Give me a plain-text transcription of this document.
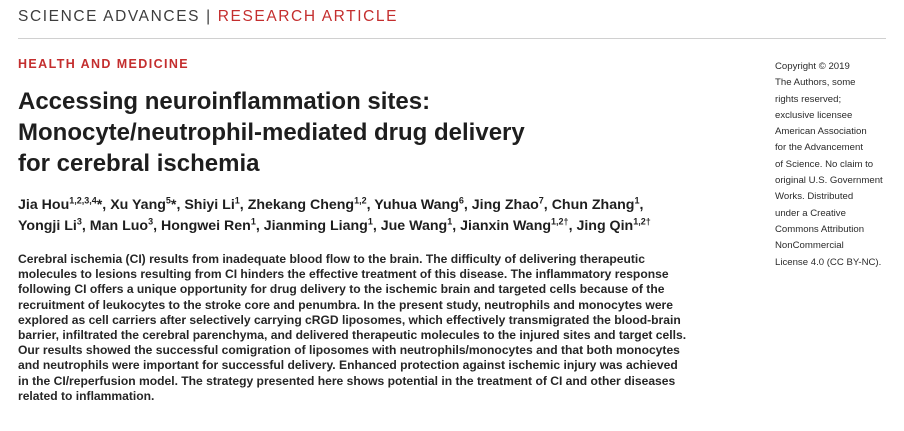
SCIENCE ADVANCES | RESEARCH ARTICLE
HEALTH AND MEDICINE
Accessing neuroinflammation sites:
Monocyte/neutrophil-mediated drug delivery
for cerebral ischemia
Jia Hou$^{1,2,3,4}$*, Xu Yang$^5$*, Shiyi Li$^1$, Zhekang Cheng$^{1,2}$, Yuhua Wang$^6$, Jing Zhao$^7$, Chun Zhang$^1$,
Yongji Li$^3$, Man Luo$^3$, Hongwei Ren$^1$, Jianming Liang$^1$, Jue Wang$^1$, Jianxin Wang$^{1,2\dagger}$, Jing Qin$^{1,2\dagger}$

Cerebral ischemia (CI) results from inadequate blood flow to the brain. The difficulty of delivering therapeutic
molecules to lesions resulting from CI hinders the effective treatment of this disease. The inflammatory response
following CI offers a unique opportunity for drug delivery to the ischemic brain and targeted cells because of the
recruitment of leukocytes to the stroke core and penumbra. In the present study, neutrophils and monocytes were
explored as cell carriers after selectively carrying cRGD liposomes, which effectively transmigrated the blood-brain
barrier, infiltrated the cerebral parenchyma, and delivered therapeutic molecules to the injured sites and target cells.
Our results showed the successful comigration of liposomes with neutrophils/monocytes and that both monocytes
and neutrophils were important for successful delivery. Enhanced protection against ischemic injury was achieved
in the CI/reperfusion model. The strategy presented here shows potential in the treatment of CI and other diseases
related to inflammation.

Copyright © 2019
The Authors, some
rights reserved;
exclusive licensee
American Association
for the Advancement
of Science. No claim to
original U.S. Government
Works. Distributed
under a Creative
Commons Attribution
NonCommercial
License 4.0 (CC BY-NC).
